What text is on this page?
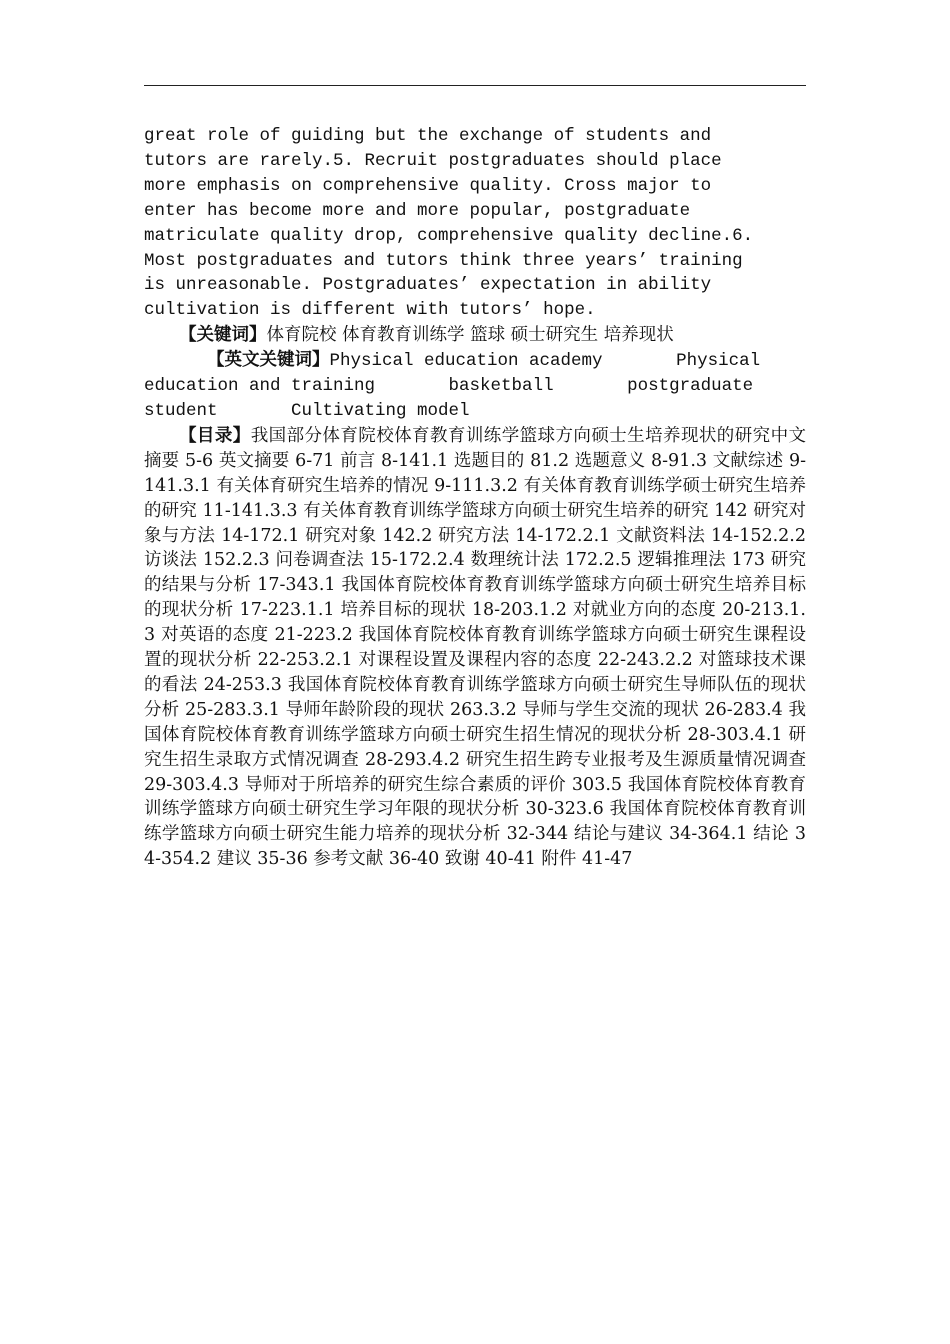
great role of guiding but the exchange of students and
tutors are rarely.5. Recruit postgraduates should place
more emphasis on comprehensive quality. Cross major to
enter has become more and more popular, postgraduate
matriculate quality drop, comprehensive quality decline.6.
Most postgraduates and tutors think three years’ training
is unreasonable. Postgraduates’ expectation in ability
cultivation is different with tutors’ hope.

【关键词】体育院校 体育教育训练学 篮球 硕士研究生 培养现状

【英文关键词】Physical education academy       Physical
education and training       basketball       postgraduate
student       Cultivating model

【目录】我国部分体育院校体育教育训练学篮球方向硕士生培养现状的研究中文摘要 5-6 英文摘要 6-71 前言 8-141.1 选题目的 81.2 选题意义 8-91.3 文献综述 9-141.3.1 有关体育研究生培养的情况 9-111.3.2 有关体育教育训练学硕士研究生培养的研究 11-141.3.3 有关体育教育训练学篮球方向硕士研究生培养的研究 142 研究对象与方法 14-172.1 研究对象 142.2 研究方法 14-172.2.1 文献资料法 14-152.2.2 访谈法 152.2.3 问卷调查法 15-172.2.4 数理统计法 172.2.5 逻辑推理法 173 研究的结果与分析 17-343.1 我国体育院校体育教育训练学篮球方向硕士研究生培养目标的现状分析 17-223.1.1 培养目标的现状 18-203.1.2 对就业方向的态度 20-213.1.3 对英语的态度 21-223.2 我国体育院校体育教育训练学篮球方向硕士研究生课程设置的现状分析 22-253.2.1 对课程设置及课程内容的态度 22-243.2.2 对篮球技术课的看法 24-253.3 我国体育院校体育教育训练学篮球方向硕士研究生导师队伍的现状分析 25-283.3.1 导师年龄阶段的现状 263.3.2 导师与学生交流的现状 26-283.4 我国体育院校体育教育训练学篮球方向硕士研究生招生情况的现状分析 28-303.4.1 研究生招生录取方式情况调查 28-293.4.2 研究生招生跨专业报考及生源质量情况调查 29-303.4.3 导师对于所培养的研究生综合素质的评价 303.5 我国体育院校体育教育训练学篮球方向硕士研究生学习年限的现状分析 30-323.6 我国体育院校体育教育训练学篮球方向硕士研究生能力培养的现状分析 32-344 结论与建议 34-364.1 结论 34-354.2 建议 35-36 参考文献 36-40 致谢 40-41 附件 41-47
